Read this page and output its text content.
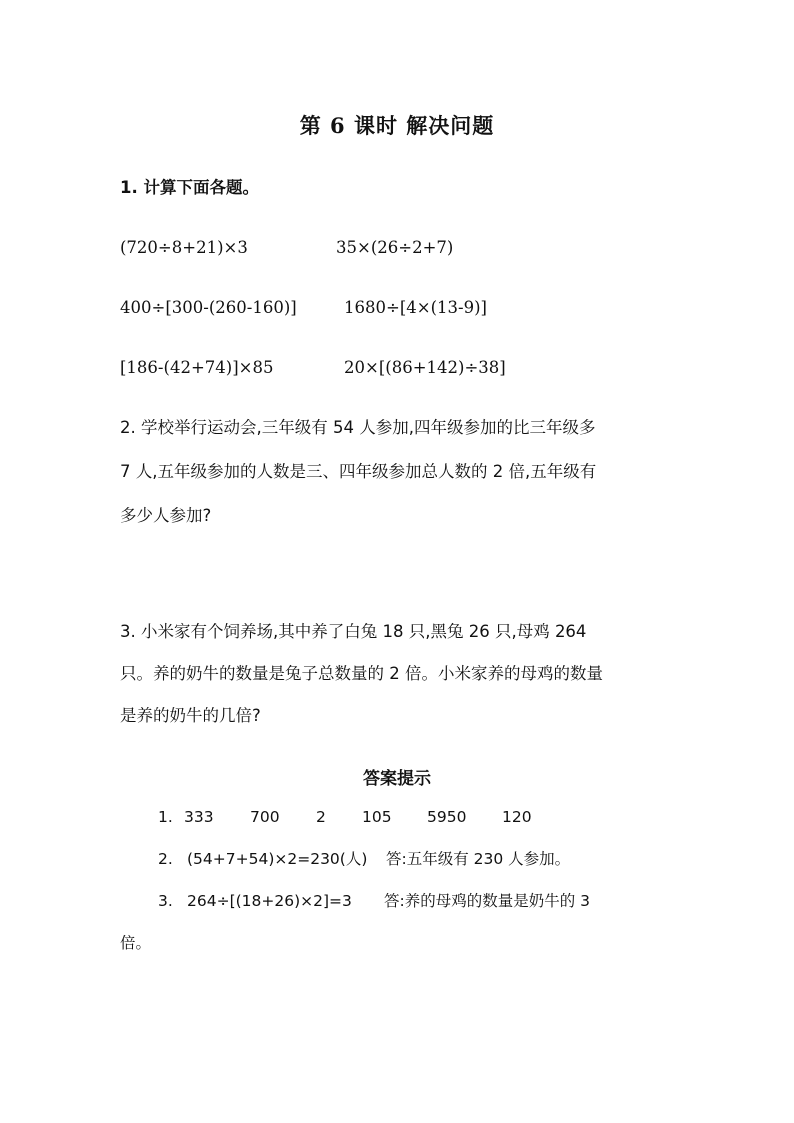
第 6 课时 解决问题
1. 计算下面各题。
(720÷8+21)×3	35×(26÷2+7)
400÷[300-(260-160)]	1680÷[4×(13-9)]
[186-(42+74)]×85	20×[(86+142)÷38]
2. 学校举行运动会,三年级有 54 人参加,四年级参加的比三年级多
7 人,五年级参加的人数是三、四年级参加总人数的 2 倍,五年级有
多少人参加?
3. 小米家有个饲养场,其中养了白兔 18 只,黑兔 26 只,母鸡 264
只。养的奶牛的数量是兔子总数量的 2 倍。小米家养的母鸡的数量
是养的奶牛的几倍?
答案提示
1. 333 700 2 105 5950 120
2. (54+7+54)×2=230(人) 答:五年级有 230 人参加。
3. 264÷[(18+26)×2]=3 答:养的母鸡的数量是奶牛的 3
倍。
